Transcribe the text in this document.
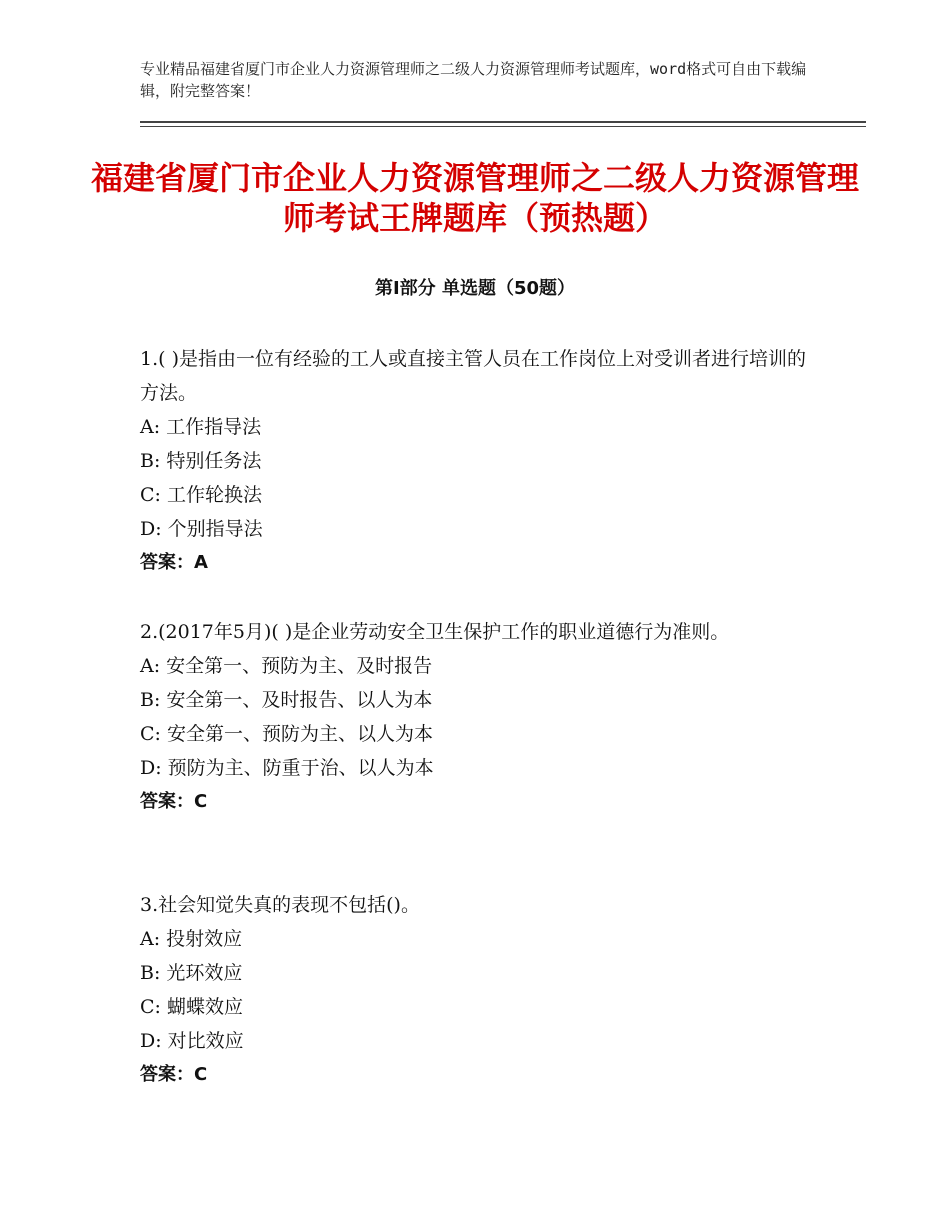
专业精品福建省厦门市企业人力资源管理师之二级人力资源管理师考试题库，word格式可自由下载编辑，附完整答案！
福建省厦门市企业人力资源管理师之二级人力资源管理师考试王牌题库（预热题）
第Ⅰ部分 单选题（50题）

1.( )是指由一位有经验的工人或直接主管人员在工作岗位上对受训者进行培训的方法。

A: 工作指导法

B: 特别任务法

C: 工作轮换法

D: 个别指导法

答案：A

2.(2017年5月)( )是企业劳动安全卫生保护工作的职业道德行为准则。

A: 安全第一、预防为主、及时报告

B: 安全第一、及时报告、以人为本

C: 安全第一、预防为主、以人为本

D: 预防为主、防重于治、以人为本

答案：C

3.社会知觉失真的表现不包括()。

A: 投射效应

B: 光环效应

C: 蝴蝶效应

D: 对比效应

答案：C
